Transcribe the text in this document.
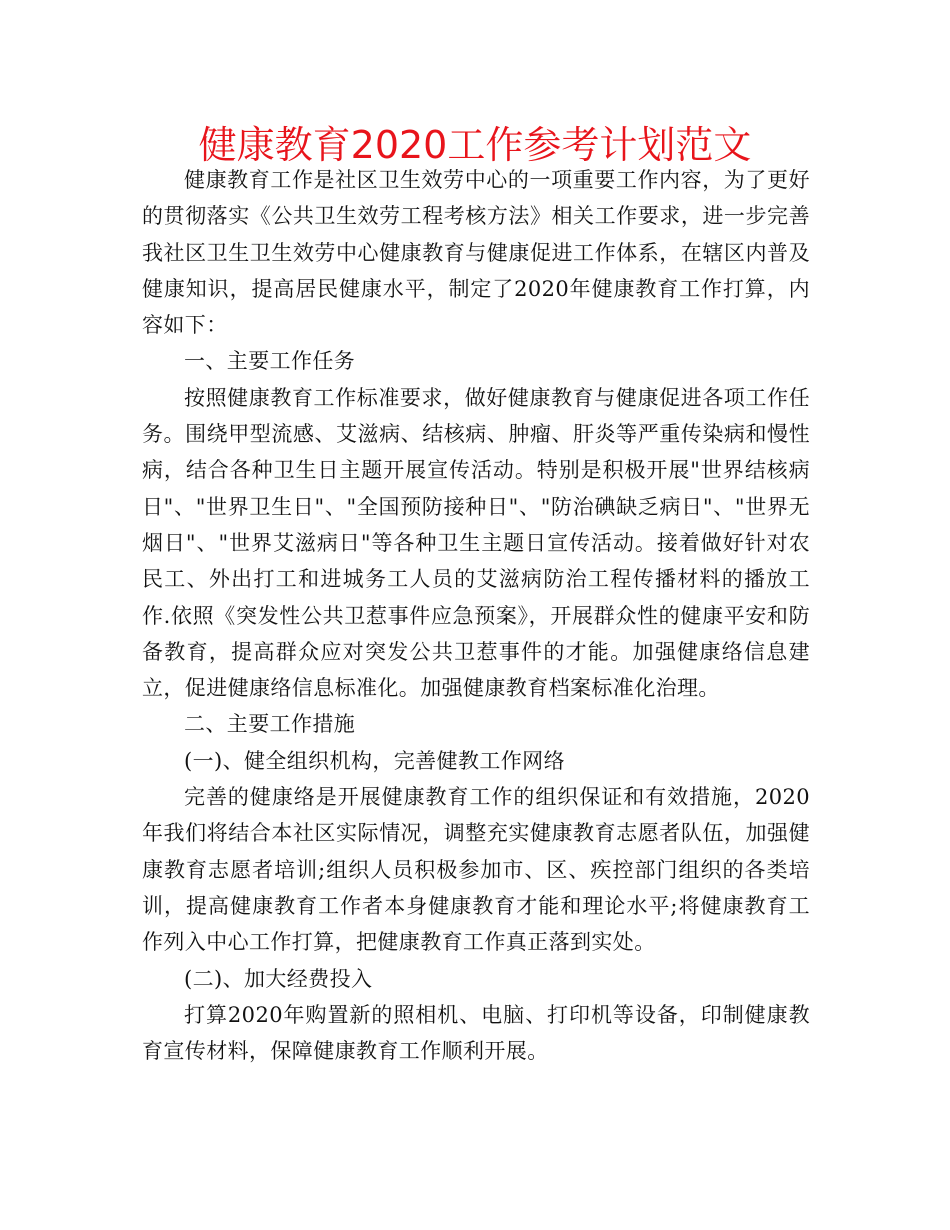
健康教育2020工作参考计划范文

健康教育工作是社区卫生效劳中心的一项重要工作内容，为了更好的贯彻落实《公共卫生效劳工程考核方法》相关工作要求，进一步完善我社区卫生卫生效劳中心健康教育与健康促进工作体系，在辖区内普及健康知识，提高居民健康水平，制定了2020年健康教育工作打算，内容如下：

一、主要工作任务

按照健康教育工作标准要求，做好健康教育与健康促进各项工作任务。围绕甲型流感、艾滋病、结核病、肿瘤、肝炎等严重传染病和慢性病，结合各种卫生日主题开展宣传活动。特别是积极开展"世界结核病日"、"世界卫生日"、"全国预防接种日"、"防治碘缺乏病日"、"世界无烟日"、"世界艾滋病日"等各种卫生主题日宣传活动。接着做好针对农民工、外出打工和进城务工人员的艾滋病防治工程传播材料的播放工作.依照《突发性公共卫惹事件应急预案》，开展群众性的健康平安和防备教育，提高群众应对突发公共卫惹事件的才能。加强健康络信息建立，促进健康络信息标准化。加强健康教育档案标准化治理。

二、主要工作措施

(一)、健全组织机构，完善健教工作网络

完善的健康络是开展健康教育工作的组织保证和有效措施，2020年我们将结合本社区实际情况，调整充实健康教育志愿者队伍，加强健康教育志愿者培训;组织人员积极参加市、区、疾控部门组织的各类培训，提高健康教育工作者本身健康教育才能和理论水平;将健康教育工作列入中心工作打算，把健康教育工作真正落到实处。

(二)、加大经费投入

打算2020年购置新的照相机、电脑、打印机等设备，印制健康教育宣传材料，保障健康教育工作顺利开展。
